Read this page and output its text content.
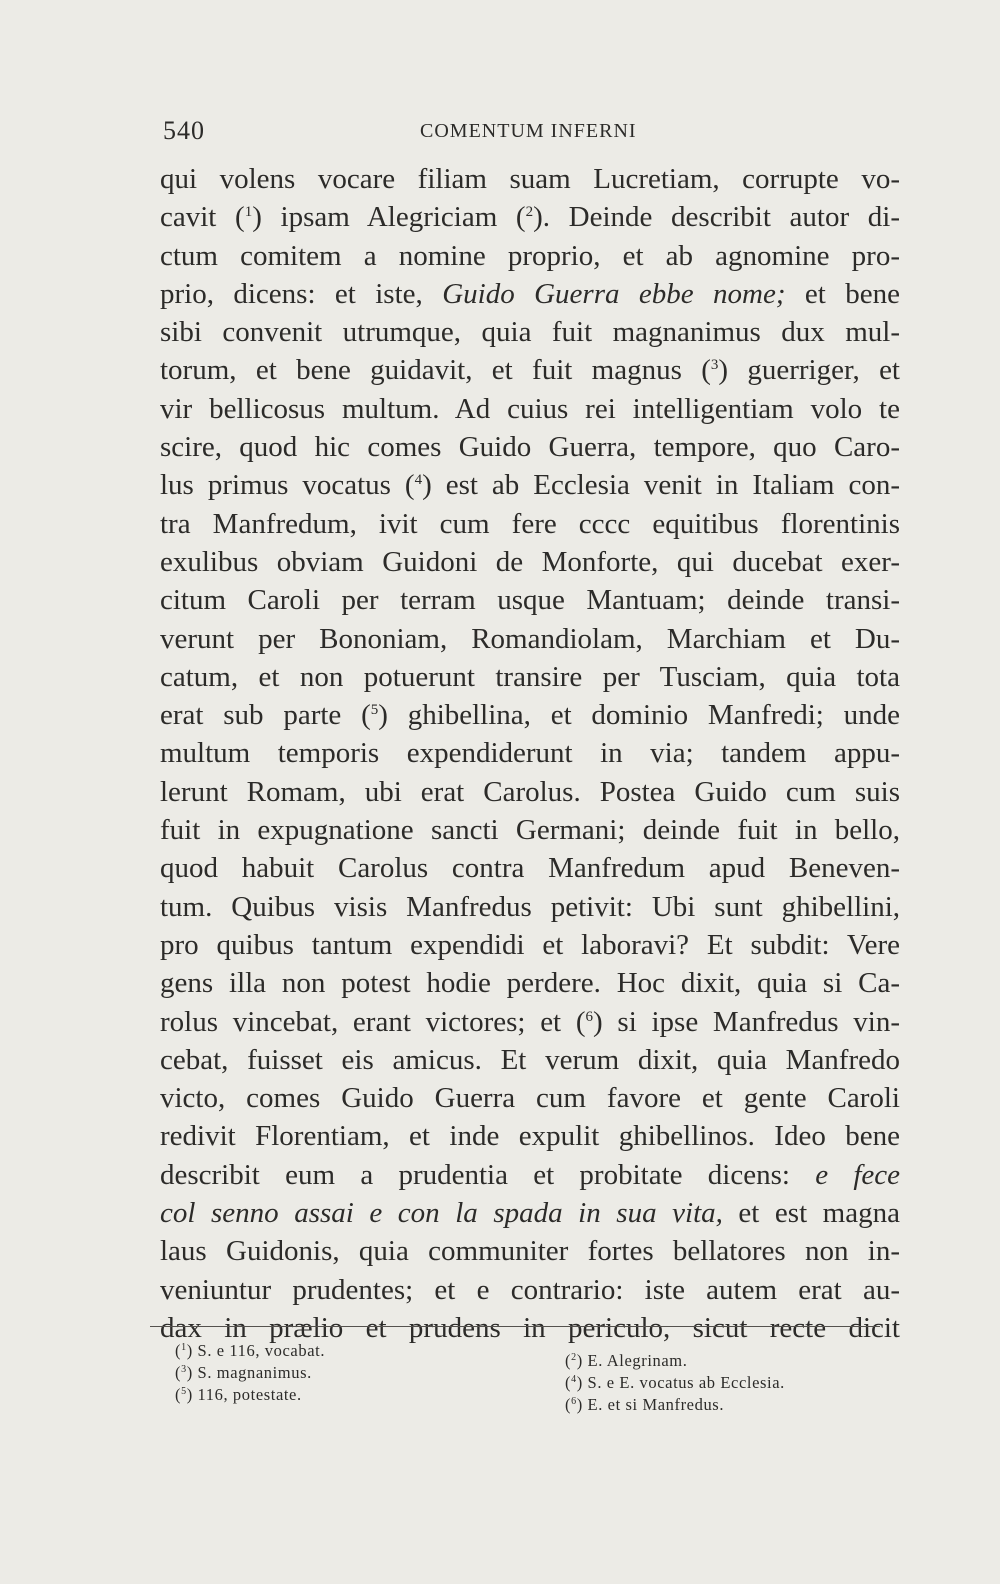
540	COMENTUM INFERNI
qui volens vocare filiam suam Lucretiam, corrupte vo-
cavit ($^1$) ipsam Alegriciam ($^2$). Deinde describit autor di-
ctum comitem a nomine proprio, et ab agnomine pro-
prio, dicens: et iste, Guido Guerra ebbe nome; et bene
sibi convenit utrumque, quia fuit magnanimus dux mul-
torum, et bene guidavit, et fuit magnus ($^3$) guerriger, et
vir bellicosus multum. Ad cuius rei intelligentiam volo te
scire, quod hic comes Guido Guerra, tempore, quo Caro-
lus primus vocatus ($^4$) est ab Ecclesia venit in Italiam con-
tra Manfredum, ivit cum fere cccc equitibus florentinis
exulibus obviam Guidoni de Monforte, qui ducebat exer-
citum Caroli per terram usque Mantuam; deinde transi-
verunt per Bononiam, Romandiolam, Marchiam et Du-
catum, et non potuerunt transire per Tusciam, quia tota
erat sub parte ($^5$) ghibellina, et dominio Manfredi; unde
multum temporis expendiderunt in via; tandem appu-
lerunt Romam, ubi erat Carolus. Postea Guido cum suis
fuit in expugnatione sancti Germani; deinde fuit in bello,
quod habuit Carolus contra Manfredum apud Beneven-
tum. Quibus visis Manfredus petivit: Ubi sunt ghibellini,
pro quibus tantum expendidi et laboravi? Et subdit: Vere
gens illa non potest hodie perdere. Hoc dixit, quia si Ca-
rolus vincebat, erant victores; et ($^6$) si ipse Manfredus vin-
cebat, fuisset eis amicus. Et verum dixit, quia Manfredo
victo, comes Guido Guerra cum favore et gente Caroli
redivit Florentiam, et inde expulit ghibellinos. Ideo bene
describit eum a prudentia et probitate dicens: e fece
col senno assai e con la spada in sua vita, et est magna
laus Guidonis, quia communiter fortes bellatores non in-
veniuntur prudentes; et e contrario: iste autem erat au-
dax in prælio et prudens in periculo, sicut recte dicit
($^1$) S. e 116, vocabat.
($^3$) S. magnanimus.
($^5$) 116, potestate.
($^2$) E. Alegrinam.
($^4$) S. e E. vocatus ab Ecclesia.
($^6$) E. et si Manfredus.
